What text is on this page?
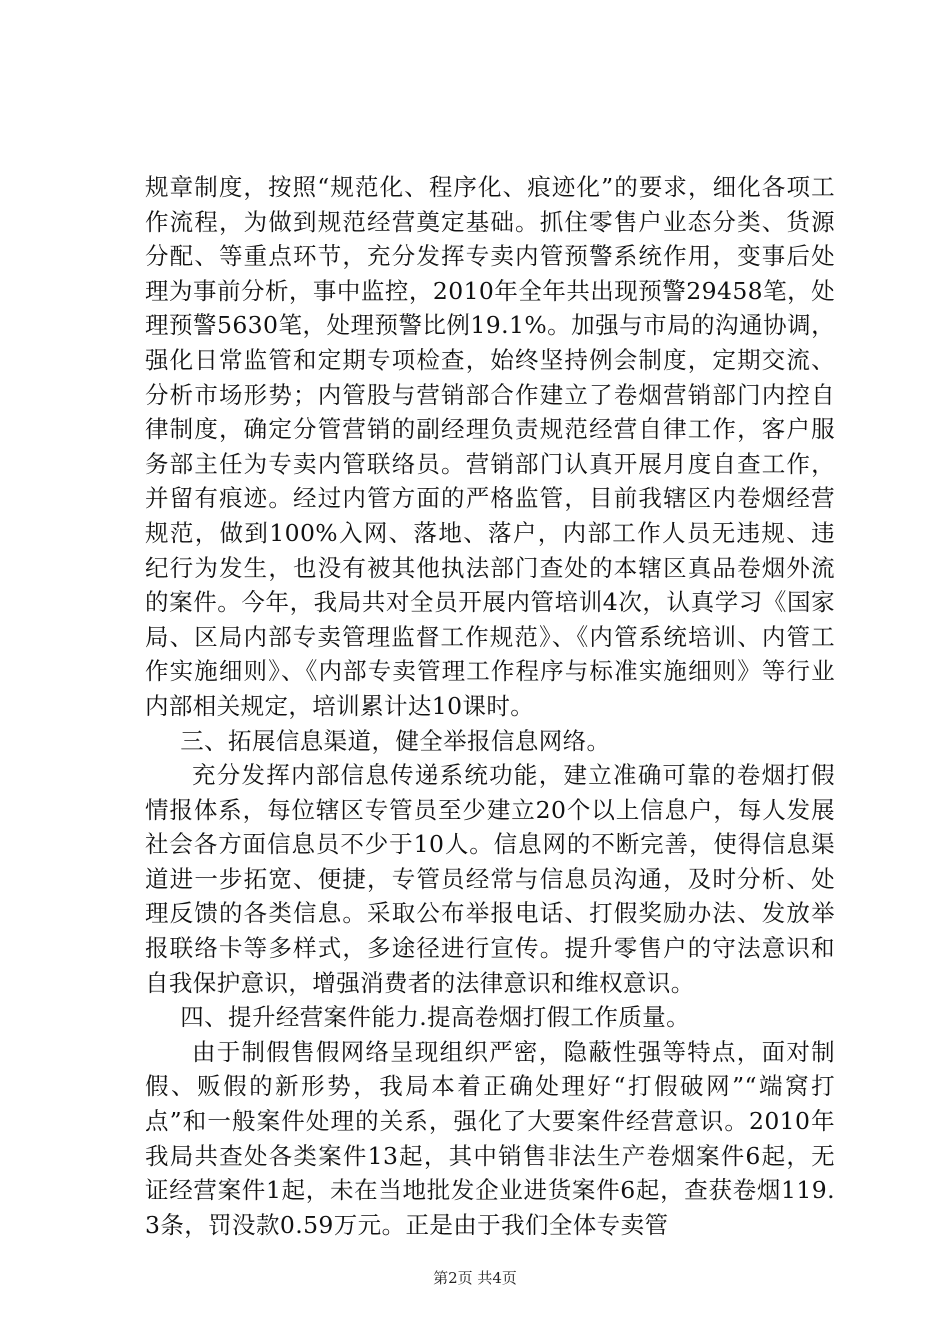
规章制度，按照“规范化、程序化、痕迹化”的要求，细化各项工作流程，为做到规范经营奠定基础。抓住零售户业态分类、货源分配、等重点环节，充分发挥专卖内管预警系统作用，变事后处理为事前分析，事中监控，2010年全年共出现预警29458笔，处理预警5630笔，处理预警比例19.1%。加强与市局的沟通协调，强化日常监管和定期专项检查，始终坚持例会制度，定期交流、分析市场形势；内管股与营销部合作建立了卷烟营销部门内控自律制度，确定分管营销的副经理负责规范经营自律工作，客户服务部主任为专卖内管联络员。营销部门认真开展月度自查工作，并留有痕迹。经过内管方面的严格监管，目前我辖区内卷烟经营规范，做到100%入网、落地、落户，内部工作人员无违规、违纪行为发生，也没有被其他执法部门查处的本辖区真品卷烟外流的案件。今年，我局共对全员开展内管培训4次，认真学习《国家局、区局内部专卖管理监督工作规范》、《内管系统培训、内管工作实施细则》、《内部专卖管理工作程序与标准实施细则》等行业内部相关规定，培训累计达10课时。

三、拓展信息渠道，健全举报信息网络。

充分发挥内部信息传递系统功能，建立准确可靠的卷烟打假情报体系，每位辖区专管员至少建立20个以上信息户，每人发展社会各方面信息员不少于10人。信息网的不断完善，使得信息渠道进一步拓宽、便捷，专管员经常与信息员沟通，及时分析、处理反馈的各类信息。采取公布举报电话、打假奖励办法、发放举报联络卡等多样式，多途径进行宣传。提升零售户的守法意识和自我保护意识，增强消费者的法律意识和维权意识。

四、提升经营案件能力.提高卷烟打假工作质量。

由于制假售假网络呈现组织严密，隐蔽性强等特点，面对制假、贩假的新形势，我局本着正确处理好“打假破网”“端窝打点”和一般案件处理的关系，强化了大要案件经营意识。2010年我局共查处各类案件13起，其中销售非法生产卷烟案件6起，无证经营案件1起，未在当地批发企业进货案件6起，查获卷烟119.3条，罚没款0.59万元。正是由于我们全体专卖管

第2页 共4页
